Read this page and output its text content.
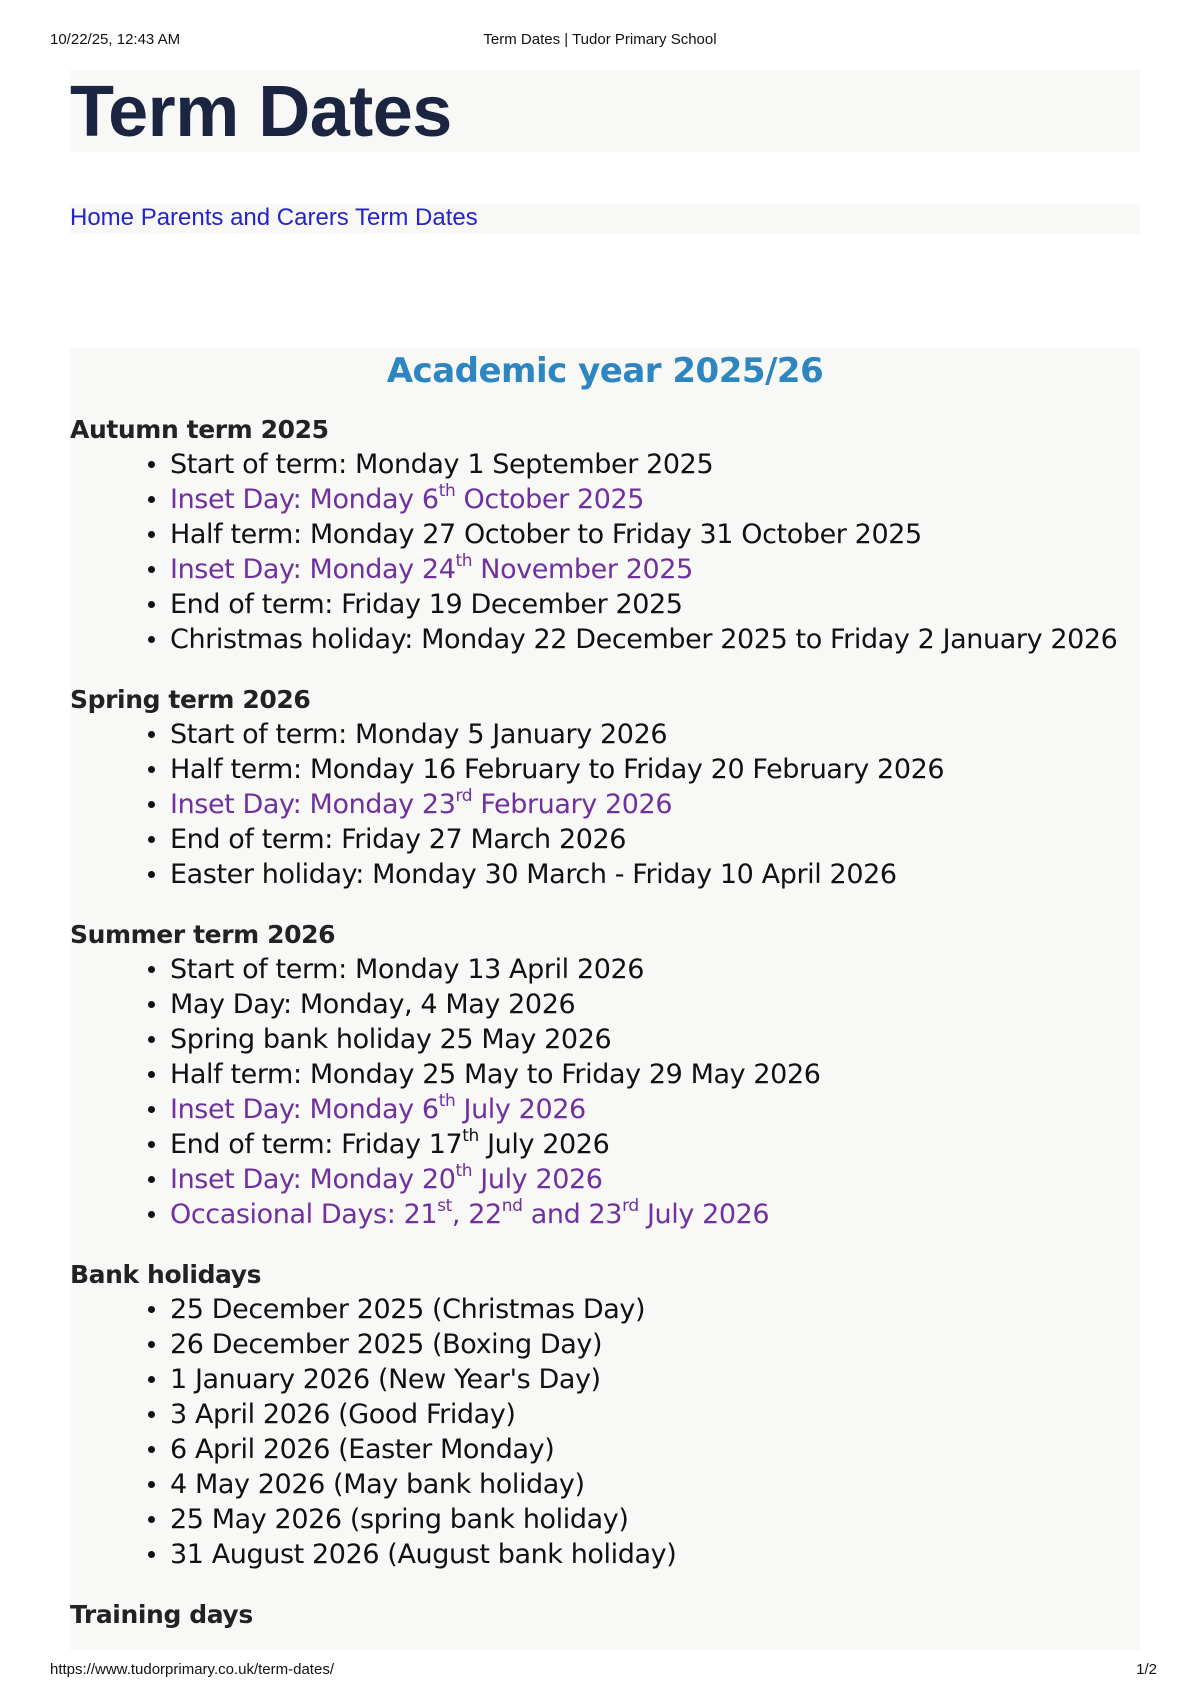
10/22/25, 12:43 AM	Term Dates | Tudor Primary School
Term Dates
Home Parents and Carers Term Dates
Academic year 2025/26
Autumn term 2025
Start of term: Monday 1 September 2025
Inset Day: Monday 6th October 2025
Half term: Monday 27 October to Friday 31 October 2025
Inset Day: Monday 24th November 2025
End of term: Friday 19 December 2025
Christmas holiday: Monday 22 December 2025 to Friday 2 January 2026
Spring term 2026
Start of term: Monday 5 January 2026
Half term: Monday 16 February to Friday 20 February 2026
Inset Day: Monday 23rd February 2026
End of term: Friday 27 March 2026
Easter holiday: Monday 30 March - Friday 10 April 2026
Summer term 2026
Start of term: Monday 13 April 2026
May Day: Monday, 4 May 2026
Spring bank holiday 25 May 2026
Half term: Monday 25 May to Friday 29 May 2026
Inset Day: Monday 6th July 2026
End of term: Friday 17th July 2026
Inset Day: Monday 20th July 2026
Occasional Days: 21st, 22nd and 23rd July 2026
Bank holidays
25 December 2025 (Christmas Day)
26 December 2025 (Boxing Day)
1 January 2026 (New Year's Day)
3 April 2026 (Good Friday)
6 April 2026 (Easter Monday)
4 May 2026 (May bank holiday)
25 May 2026 (spring bank holiday)
31 August 2026 (August bank holiday)
Training days
https://www.tudorprimary.co.uk/term-dates/	1/2
